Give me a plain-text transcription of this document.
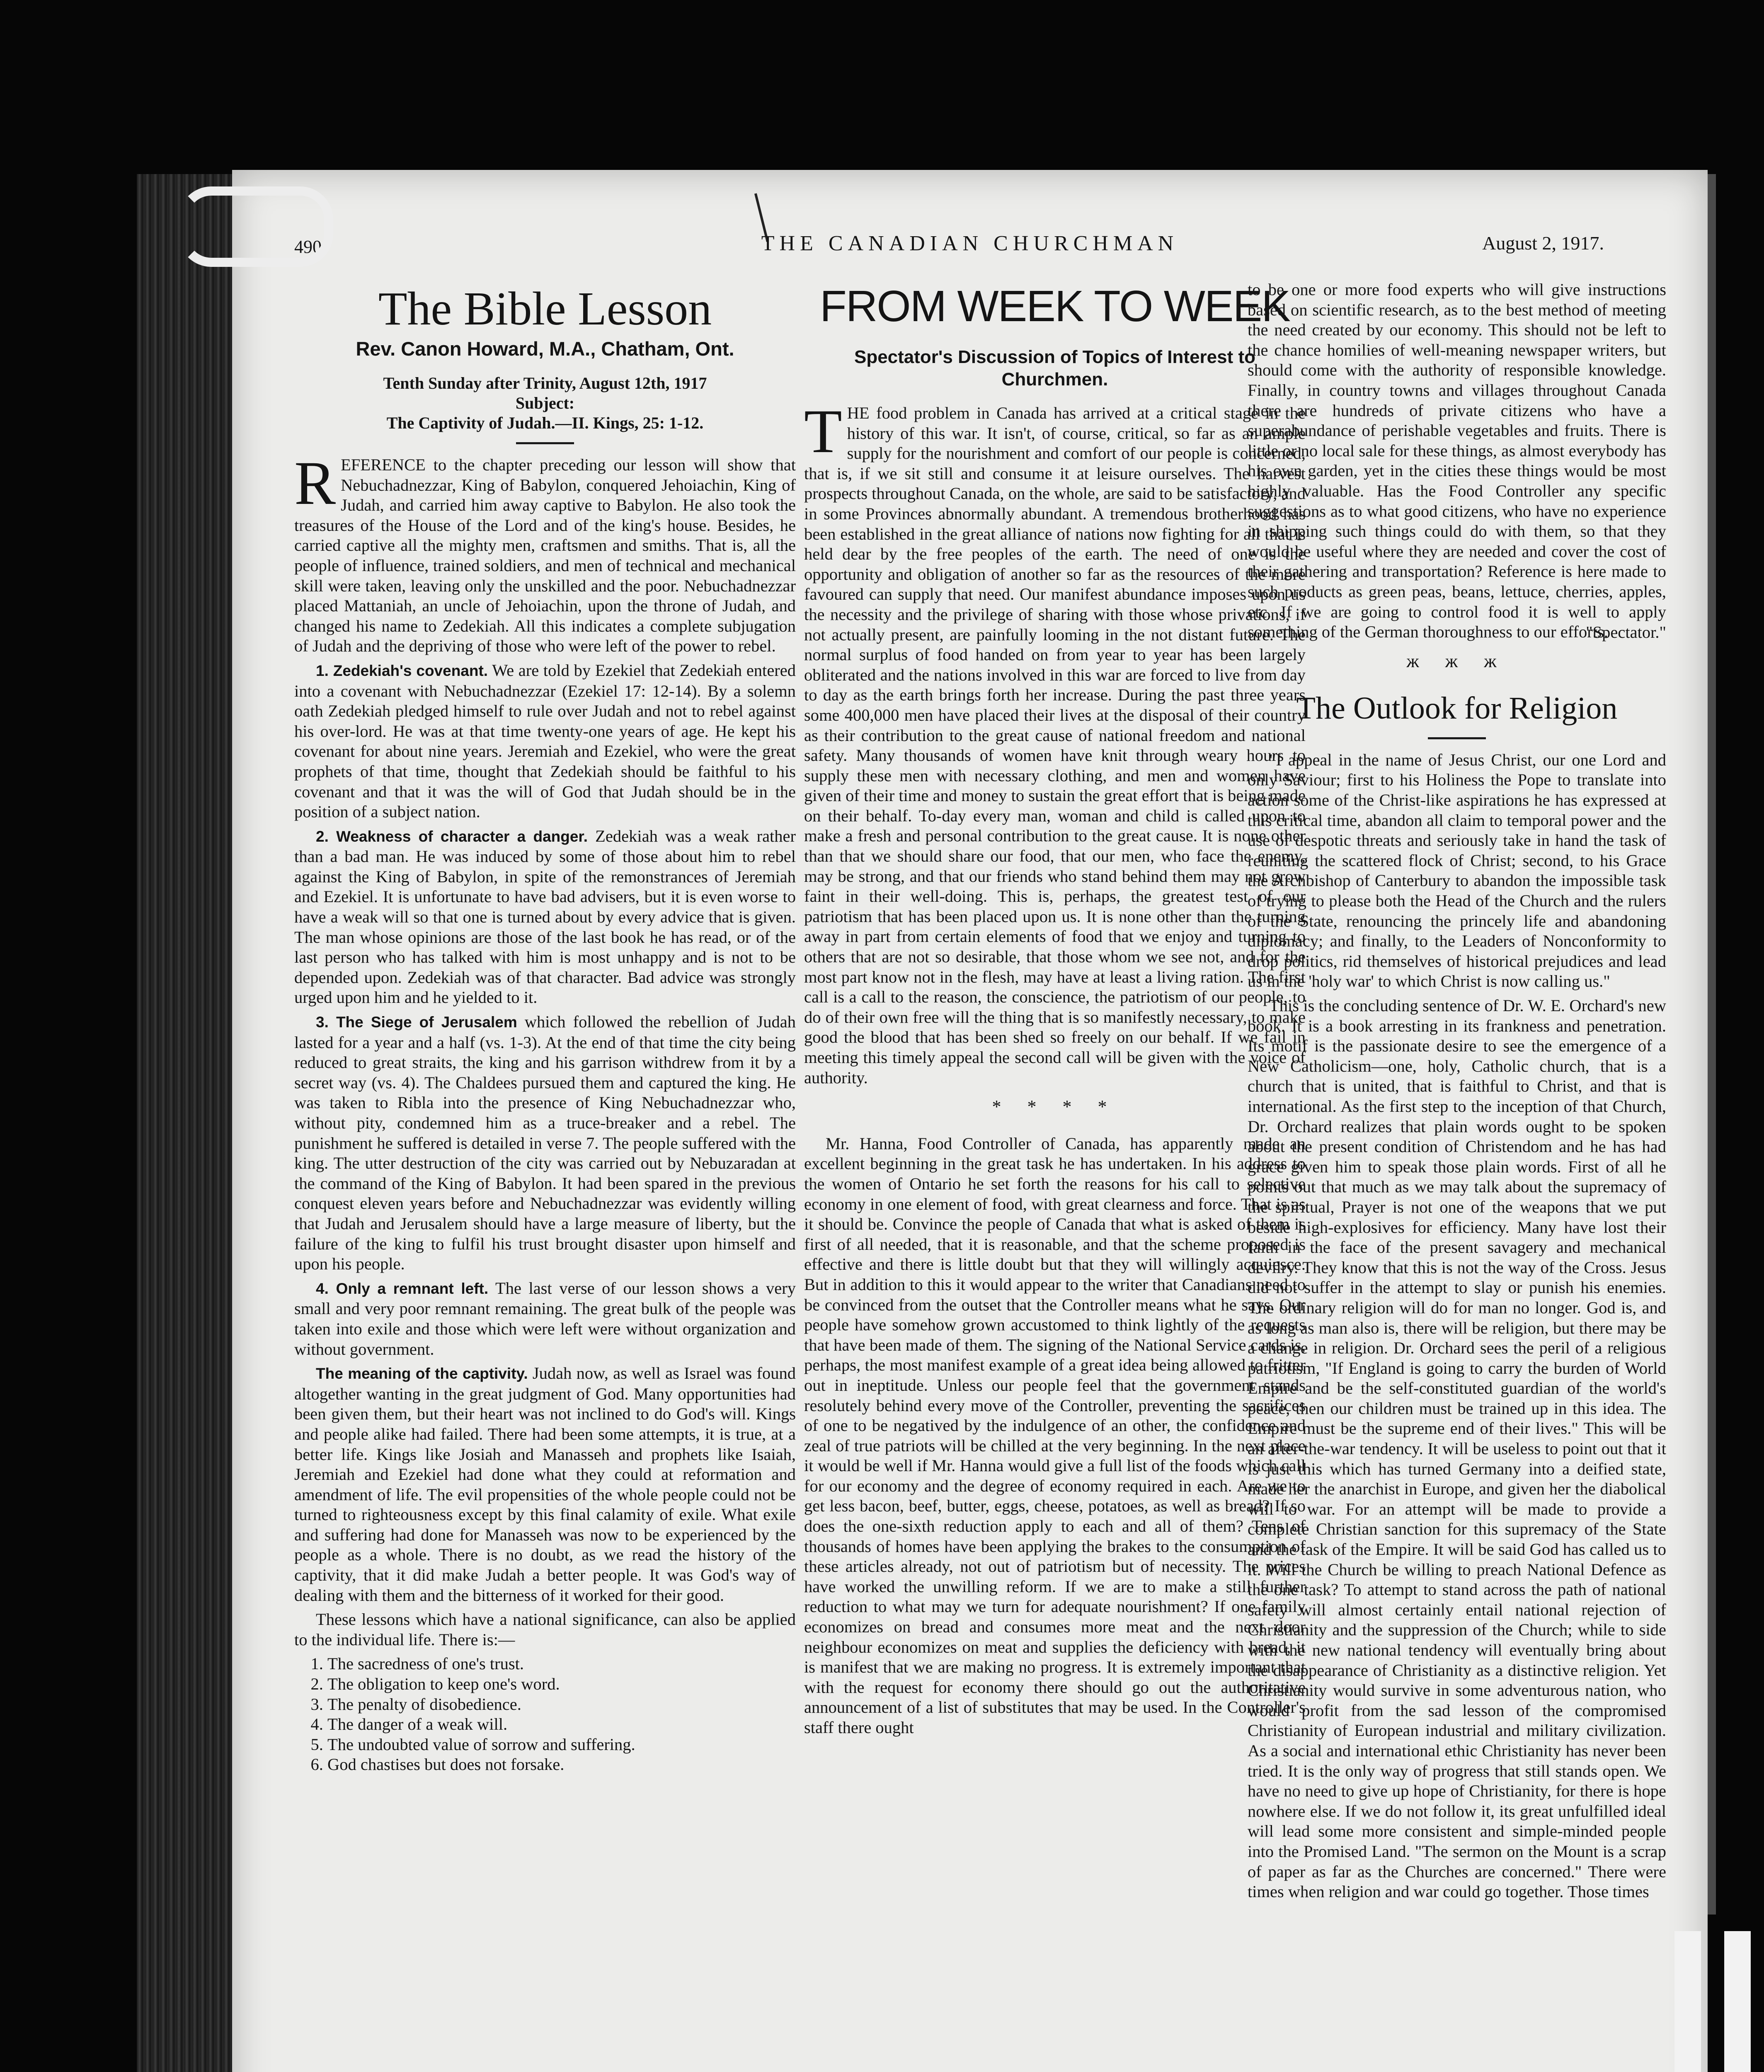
490	THE CANADIAN CHURCHMAN	August 2, 1917.
The Bible Lesson
Rev. Canon Howard, M.A., Chatham, Ont.
Tenth Sunday after Trinity, August 12th, 1917
Subject:
The Captivity of Judah.—II. Kings, 25: 1-12.

REFERENCE to the chapter preceding our lesson will show that Nebuchadnezzar, King of Babylon, conquered Jehoiachin, King of Judah, and carried him away captive to Babylon. He also took the treasures of the House of the Lord and of the king's house. Besides, he carried captive all the mighty men, craftsmen and smiths. That is, all the people of influence, trained soldiers, and men of technical and mechanical skill were taken, leaving only the unskilled and the poor. Nebuchadnezzar placed Mattaniah, an uncle of Jehoiachin, upon the throne of Judah, and changed his name to Zedekiah. All this indicates a complete subjugation of Judah and the depriving of those who were left of the power to rebel.

1. Zedekiah's covenant. We are told by Ezekiel that Zedekiah entered into a covenant with Nebuchadnezzar (Ezekiel 17: 12-14). By a solemn oath Zedekiah pledged himself to rule over Judah and not to rebel against his over-lord. He was at that time twenty-one years of age. He kept his covenant for about nine years. Jeremiah and Ezekiel, who were the great prophets of that time, thought that Zedekiah should be faithful to his covenant and that it was the will of God that Judah should be in the position of a subject nation.

2. Weakness of character a danger. Zedekiah was a weak rather than a bad man. He was induced by some of those about him to rebel against the King of Babylon, in spite of the remonstrances of Jeremiah and Ezekiel. It is unfortunate to have bad advisers, but it is even worse to have a weak will so that one is turned about by every advice that is given. The man whose opinions are those of the last book he has read, or of the last person who has talked with him is most unhappy and is not to be depended upon. Zedekiah was of that character. Bad advice was strongly urged upon him and he yielded to it.

3. The Siege of Jerusalem which followed the rebellion of Judah lasted for a year and a half (vs. 1-3). At the end of that time the city being reduced to great straits, the king and his garrison withdrew from it by a secret way (vs. 4). The Chaldees pursued them and captured the king. He was taken to Ribla into the presence of King Nebuchadnezzar who, without pity, condemned him as a truce-breaker and a rebel. The punishment he suffered is detailed in verse 7. The people suffered with the king. The utter destruction of the city was carried out by Nebuzaradan at the command of the King of Babylon. It had been spared in the previous conquest eleven years before and Nebuchadnezzar was evidently willing that Judah and Jerusalem should have a large measure of liberty, but the failure of the king to fulfil his trust brought disaster upon himself and upon his people.

4. Only a remnant left. The last verse of our lesson shows a very small and very poor remnant remaining. The great bulk of the people was taken into exile and those which were left were without organization and without government.

The meaning of the captivity. Judah now, as well as Israel was found altogether wanting in the great judgment of God. Many opportunities had been given them, but their heart was not inclined to do God's will. Kings and people alike had failed. There had been some attempts, it is true, at a better life. Kings like Josiah and Manasseh and prophets like Isaiah, Jeremiah and Ezekiel had done what they could at reformation and amendment of life. The evil propensities of the whole people could not be turned to righteousness except by this final calamity of exile. What exile and suffering had done for Manasseh was now to be experienced by the people as a whole. There is no doubt, as we read the history of the captivity, that it did make Judah a better people. It was God's way of dealing with them and the bitterness of it worked for their good.

These lessons which have a national significance, can also be applied to the individual life. There is:—

1. The sacredness of one's trust.
2. The obligation to keep one's word.
3. The penalty of disobedience.
4. The danger of a weak will.
5. The undoubted value of sorrow and suffering.
6. God chastises but does not forsake.
FROM WEEK TO WEEK
Spectator's Discussion of Topics of Interest to Churchmen.

THE food problem in Canada has arrived at a critical stage in the history of this war. It isn't, of course, critical, so far as an ample supply for the nourishment and comfort of our people is concerned, that is, if we sit still and consume it at leisure ourselves. The harvest prospects throughout Canada, on the whole, are said to be satisfactory, and in some Provinces abnormally abundant. A tremendous brotherhood has been established in the great alliance of nations now fighting for all that is held dear by the free peoples of the earth. The need of one is the opportunity and obligation of another so far as the resources of the more favoured can supply that need. Our manifest abundance imposes upon us the necessity and the privilege of sharing with those whose privations, if not actually present, are painfully looming in the not distant future. The normal surplus of food handed on from year to year has been largely obliterated and the nations involved in this war are forced to live from day to day as the earth brings forth her increase. During the past three years some 400,000 men have placed their lives at the disposal of their country as their contribution to the great cause of national freedom and national safety. Many thousands of women have knit through weary hours to supply these men with necessary clothing, and men and women have given of their time and money to sustain the great effort that is being made on their behalf. To-day every man, woman and child is called upon to make a fresh and personal contribution to the great cause. It is none other than that we should share our food, that our men, who face the enemy, may be strong, and that our friends who stand behind them may not grow faint in their well-doing. This is, perhaps, the greatest test of our patriotism that has been placed upon us. It is none other than the turning away in part from certain elements of food that we enjoy and turning to others that are not so desirable, that those whom we see not, and for the most part know not in the flesh, may have at least a living ration. The first call is a call to the reason, the conscience, the patriotism of our people, to do of their own free will the thing that is so manifestly necessary, to make good the blood that has been shed so freely on our behalf. If we fail in meeting this timely appeal the second call will be given with the voice of authority.

* * * *

Mr. Hanna, Food Controller of Canada, has apparently made an excellent beginning in the great task he has undertaken. In his address to the women of Ontario he set forth the reasons for his call to selective economy in one element of food, with great clearness and force. That is as it should be. Convince the people of Canada that what is asked of them is first of all needed, that it is reasonable, and that the scheme proposed is effective and there is little doubt but that they will willingly acquiesce. But in addition to this it would appear to the writer that Canadians need to be convinced from the outset that the Controller means what he says. Our people have somehow grown accustomed to think lightly of the requests that have been made of them. The signing of the National Service cards is, perhaps, the most manifest example of a great idea being allowed to fritter out in ineptitude. Unless our people feel that the government stands resolutely behind every move of the Controller, preventing the sacrifices of one to be negatived by the indulgence of an other, the confidence and zeal of true patriots will be chilled at the very beginning. In the next place it would be well if Mr. Hanna would give a full list of the foods which call for our economy and the degree of economy required in each. Are we to get less bacon, beef, butter, eggs, cheese, potatoes, as well as bread? If so does the one-sixth reduction apply to each and all of them? Tens of thousands of homes have been applying the brakes to the consumption of these articles already, not out of patriotism but of necessity. The prices have worked the unwilling reform. If we are to make a still further reduction to what may we turn for adequate nourishment? If one family economizes on bread and consumes more meat and the next door neighbour economizes on meat and supplies the deficiency with bread, it is manifest that we are making no progress. It is extremely important that with the request for economy there should go out the authoritative announcement of a list of substitutes that may be used. In the Controller's staff there ought

to be one or more food experts who will give instructions based on scientific research, as to the best method of meeting the need created by our economy. This should not be left to the chance homilies of well-meaning newspaper writers, but should come with the authority of responsible knowledge. Finally, in country towns and villages throughout Canada there are hundreds of private citizens who have a superabundance of perishable vegetables and fruits. There is little or no local sale for these things, as almost everybody has his own garden, yet in the cities these things would be most highly valuable. Has the Food Controller any specific suggestions as to what good citizens, who have no experience in shipping such things could do with them, so that they would be useful where they are needed and cover the cost of their gathering and transportation? Reference is here made to such products as green peas, beans, lettuce, cherries, apples, etc. If we are going to control food it is well to apply something of the German thoroughness to our efforts.

"Spectator."

ж ж ж
The Outlook for Religion

"I appeal in the name of Jesus Christ, our one Lord and only Saviour; first to his Holiness the Pope to translate into action some of the Christ-like aspirations he has expressed at this critical time, abandon all claim to temporal power and the use of despotic threats and seriously take in hand the task of reuniting the scattered flock of Christ; second, to his Grace the Archbishop of Canterbury to abandon the impossible task of trying to please both the Head of the Church and the rulers of the State, renouncing the princely life and abandoning diplomacy; and finally, to the Leaders of Nonconformity to drop politics, rid themselves of historical prejudices and lead us in the 'holy war' to which Christ is now calling us."

This is the concluding sentence of Dr. W. E. Orchard's new book. It is a book arresting in its frankness and penetration. Its motif is the passionate desire to see the emergence of a New Catholicism—one, holy, Catholic church, that is a church that is united, that is faithful to Christ, and that is international. As the first step to the inception of that Church, Dr. Orchard realizes that plain words ought to be spoken about the present condition of Christendom and he has had grace given him to speak those plain words. First of all he points out that much as we may talk about the supremacy of the spiritual, Prayer is not one of the weapons that we put beside high-explosives for efficiency. Many have lost their faith in the face of the present savagery and mechanical devilry. They know that this is not the way of the Cross. Jesus did not suffer in the attempt to slay or punish his enemies. The ordinary religion will do for man no longer. God is, and as long as man also is, there will be religion, but there may be a change in religion. Dr. Orchard sees the peril of a religious patriotism, "If England is going to carry the burden of World Empire and be the self-constituted guardian of the world's peace, then our children must be trained up in this idea. The Empire must be the supreme end of their lives." This will be an after-the-war tendency. It will be useless to point out that it is just this which has turned Germany into a deified state, made her the anarchist in Europe, and given her the diabolical will to war. For an attempt will be made to provide a complete Christian sanction for this supremacy of the State and the task of the Empire. It will be said God has called us to it. Will the Church be willing to preach National Defence as the one task? To attempt to stand across the path of national safety will almost certainly entail national rejection of Christianity and the suppression of the Church; while to side with the new national tendency will eventually bring about the disappearance of Christianity as a distinctive religion. Yet Christianity would survive in some adventurous nation, who would profit from the sad lesson of the compromised Christianity of European industrial and military civilization. As a social and international ethic Christianity has never been tried. It is the only way of progress that still stands open. We have no need to give up hope of Christianity, for there is hope nowhere else. If we do not follow it, its great unfulfilled ideal will lead some more consistent and simple-minded people into the Promised Land. "The sermon on the Mount is a scrap of paper as far as the Churches are concerned." There were times when religion and war could go together. Those times
